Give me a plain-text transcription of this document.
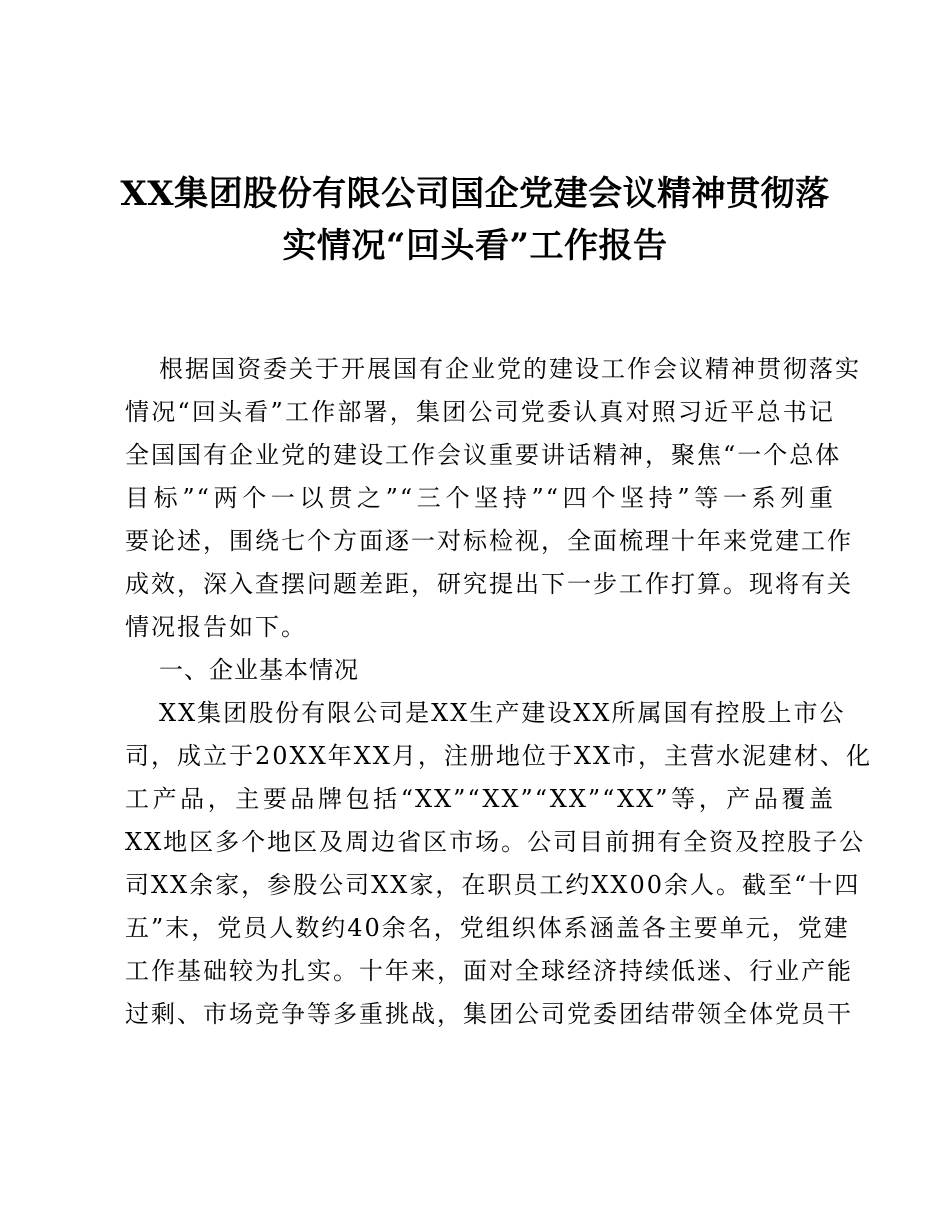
XX集团股份有限公司国企党建会议精神贯彻落
实情况“回头看”工作报告
根据国资委关于开展国有企业党的建设工作会议精神贯彻落实
情况“回头看”工作部署，集团公司党委认真对照习近平总书记
全国国有企业党的建设工作会议重要讲话精神，聚焦“一个总体
目标”“两个一以贯之”“三个坚持”“四个坚持”等一系列重
要论述，围绕七个方面逐一对标检视，全面梳理十年来党建工作
成效，深入查摆问题差距，研究提出下一步工作打算。现将有关
情况报告如下。
一、企业基本情况
XX集团股份有限公司是XX生产建设XX所属国有控股上市公
司，成立于20XX年XX月，注册地位于XX市，主营水泥建材、化
工产品，主要品牌包括“XX”“XX”“XX”“XX”等，产品覆盖
XX地区多个地区及周边省区市场。公司目前拥有全资及控股子公
司XX余家，参股公司XX家，在职员工约XX00余人。截至“十四
五”末，党员人数约40余名，党组织体系涵盖各主要单元，党建
工作基础较为扎实。十年来，面对全球经济持续低迷、行业产能
过剩、市场竞争等多重挑战，集团公司党委团结带领全体党员干
